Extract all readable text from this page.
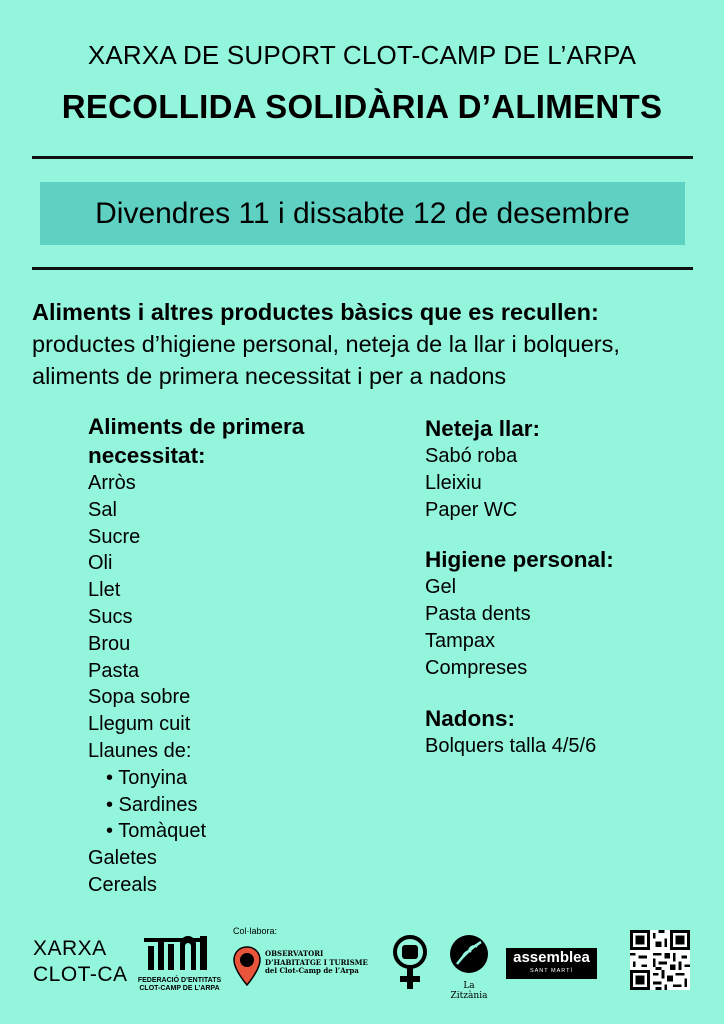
XARXA DE SUPORT CLOT-CAMP DE L’ARPA
RECOLLIDA SOLIDÀRIA D’ALIMENTS
Divendres 11 i dissabte 12 de desembre
Aliments i altres productes bàsics que es recullen:
productes d’higiene personal, neteja de la llar i bolquers,
aliments de primera necessitat i per a nadons
Aliments de primera
necessitat:
Arròs
Sal
Sucre
Oli
Llet
Sucs
Brou
Pasta
Sopa sobre
Llegum cuit
Llaunes de:
• Tonyina
• Sardines
• Tomàquet
Galetes
Cereals
Neteja llar:
Sabó roba
Lleixiu
Paper WC
Higiene personal:
Gel
Pasta dents
Tampax
Compreses
Nadons:
Bolquers talla 4/5/6
XARXA
CLOT-CA	FEDERACIÓ D’ENTITATS
CLOT-CAMP DE L’ARPA
Col·labora:
OBSERVATORI
D’HABITATGE I TURISME
del Clot-Camp de l’Arpa
La Zitzània
assemblea
SANT MARTÍ
